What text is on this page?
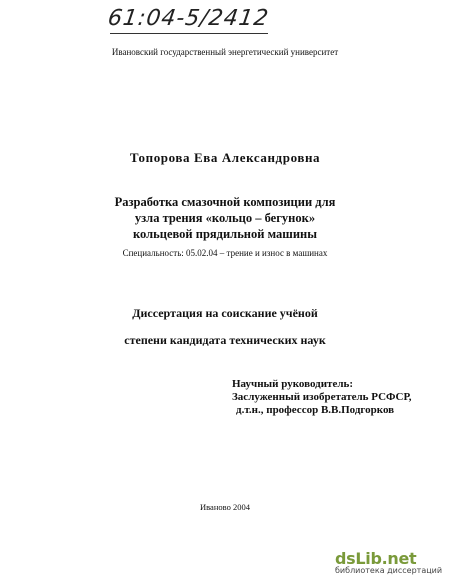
61:04-5/2412
Ивановский государственный энергетический университет
Топорова Ева Александровна
Разработка смазочной композиции для
узла трения «кольцо – бегунок»
кольцевой прядильной машины
Специальность: 05.02.04 – трение и износ в машинах
Диссертация на соискание учёной
степени кандидата технических наук
Научный руководитель:
Заслуженный изобретатель РСФСР,
д.т.н., профессор В.В.Подгорков
Иваново 2004
dsLib.net
библиотека диссертаций
